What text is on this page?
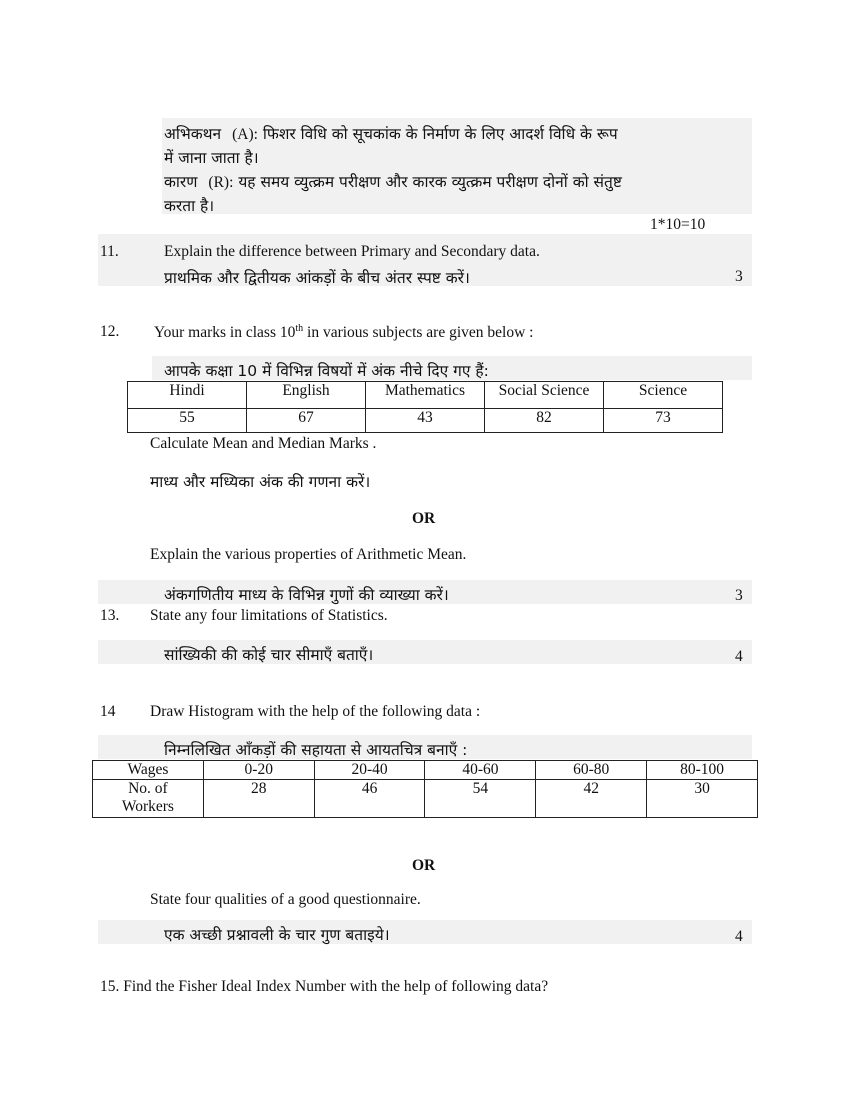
अभिकथन (A): फिशर विधि को सूचकांक के निर्माण के लिए आदर्श विधि के रूप
में जाना जाता है।
कारण (R): यह समय व्युत्क्रम परीक्षण और कारक व्युत्क्रम परीक्षण दोनों को संतुष्ट
करता है।
1*10=10
11.	Explain the difference between Primary and Secondary data.
प्राथमिक और द्वितीयक आंकड़ों के बीच अंतर स्पष्ट करें।	3
12. Your marks in class 10th in various subjects are given below :
आपके कक्षा 10 में विभिन्न विषयों में अंक नीचे दिए गए हैं:
Hindi	English	Mathematics	Social Science	Science
55	67	43	82	73
Calculate Mean and Median Marks .
माध्य और मध्यिका अंक की गणना करें।
OR
Explain the various properties of Arithmetic Mean.
अंकगणितीय माध्य के विभिन्न गुणों की व्याख्या करें।	3
13. State any four limitations of Statistics.
सांख्यिकी की कोई चार सीमाएँ बताएँ।	4
14 Draw Histogram with the help of the following data :
निम्नलिखित आँकड़ों की सहायता से आयतचित्र बनाएँ :
Wages	0-20	20-40	40-60	60-80	80-100

No. of
Workers	28	46	54	42	30
OR
State four qualities of a good questionnaire.
एक अच्छी प्रश्नावली के चार गुण बताइये।	4
15. Find the Fisher Ideal Index Number with the help of following data?
